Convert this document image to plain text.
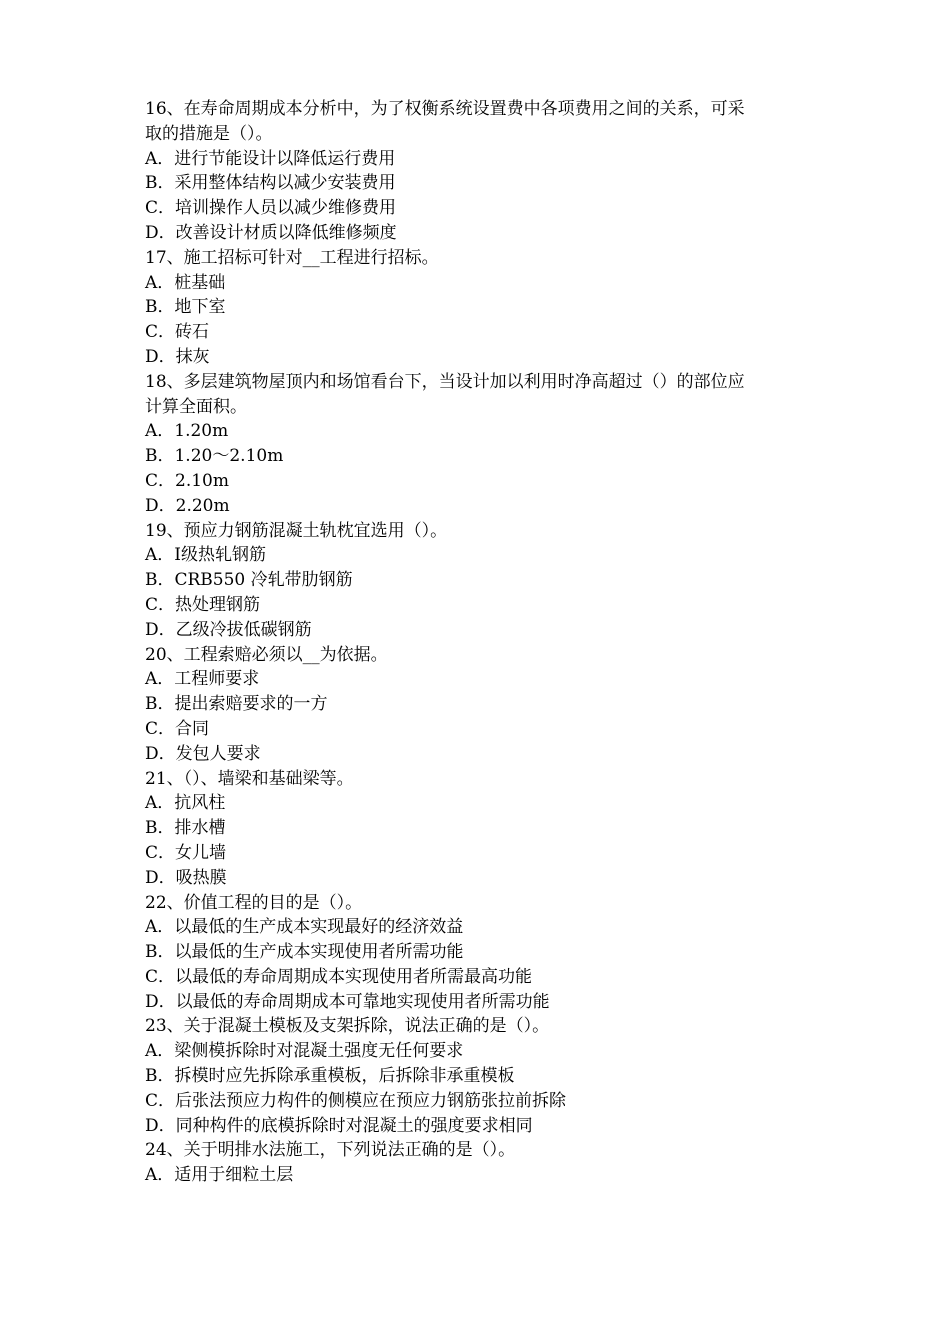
16、在寿命周期成本分析中，为了权衡系统设置费中各项费用之间的关系，可采
取的措施是（）。
A．进行节能设计以降低运行费用
B．采用整体结构以减少安装费用
C．培训操作人员以减少维修费用
D．改善设计材质以降低维修频度
17、施工招标可针对__工程进行招标。
A．桩基础
B．地下室
C．砖石
D．抹灰
18、多层建筑物屋顶内和场馆看台下，当设计加以利用时净高超过（）的部位应
计算全面积。
A．1.20m
B．1.20～2.10m
C．2.10m
D．2.20m
19、预应力钢筋混凝土轨枕宜选用（）。
A．Ⅰ级热轧钢筋
B．CRB550 冷轧带肋钢筋
C．热处理钢筋
D．乙级冷拔低碳钢筋
20、工程索赔必须以__为依据。
A．工程师要求
B．提出索赔要求的一方
C．合同
D．发包人要求
21、（）、墙梁和基础梁等。
A．抗风柱
B．排水槽
C．女儿墙
D．吸热膜
22、价值工程的目的是（）。
A．以最低的生产成本实现最好的经济效益
B．以最低的生产成本实现使用者所需功能
C．以最低的寿命周期成本实现使用者所需最高功能
D．以最低的寿命周期成本可靠地实现使用者所需功能
23、关于混凝土模板及支架拆除，说法正确的是（）。
A．梁侧模拆除时对混凝土强度无任何要求
B．拆模时应先拆除承重模板，后拆除非承重模板
C．后张法预应力构件的侧模应在预应力钢筋张拉前拆除
D．同种构件的底模拆除时对混凝土的强度要求相同
24、关于明排水法施工，下列说法正确的是（）。
A．适用于细粒土层
